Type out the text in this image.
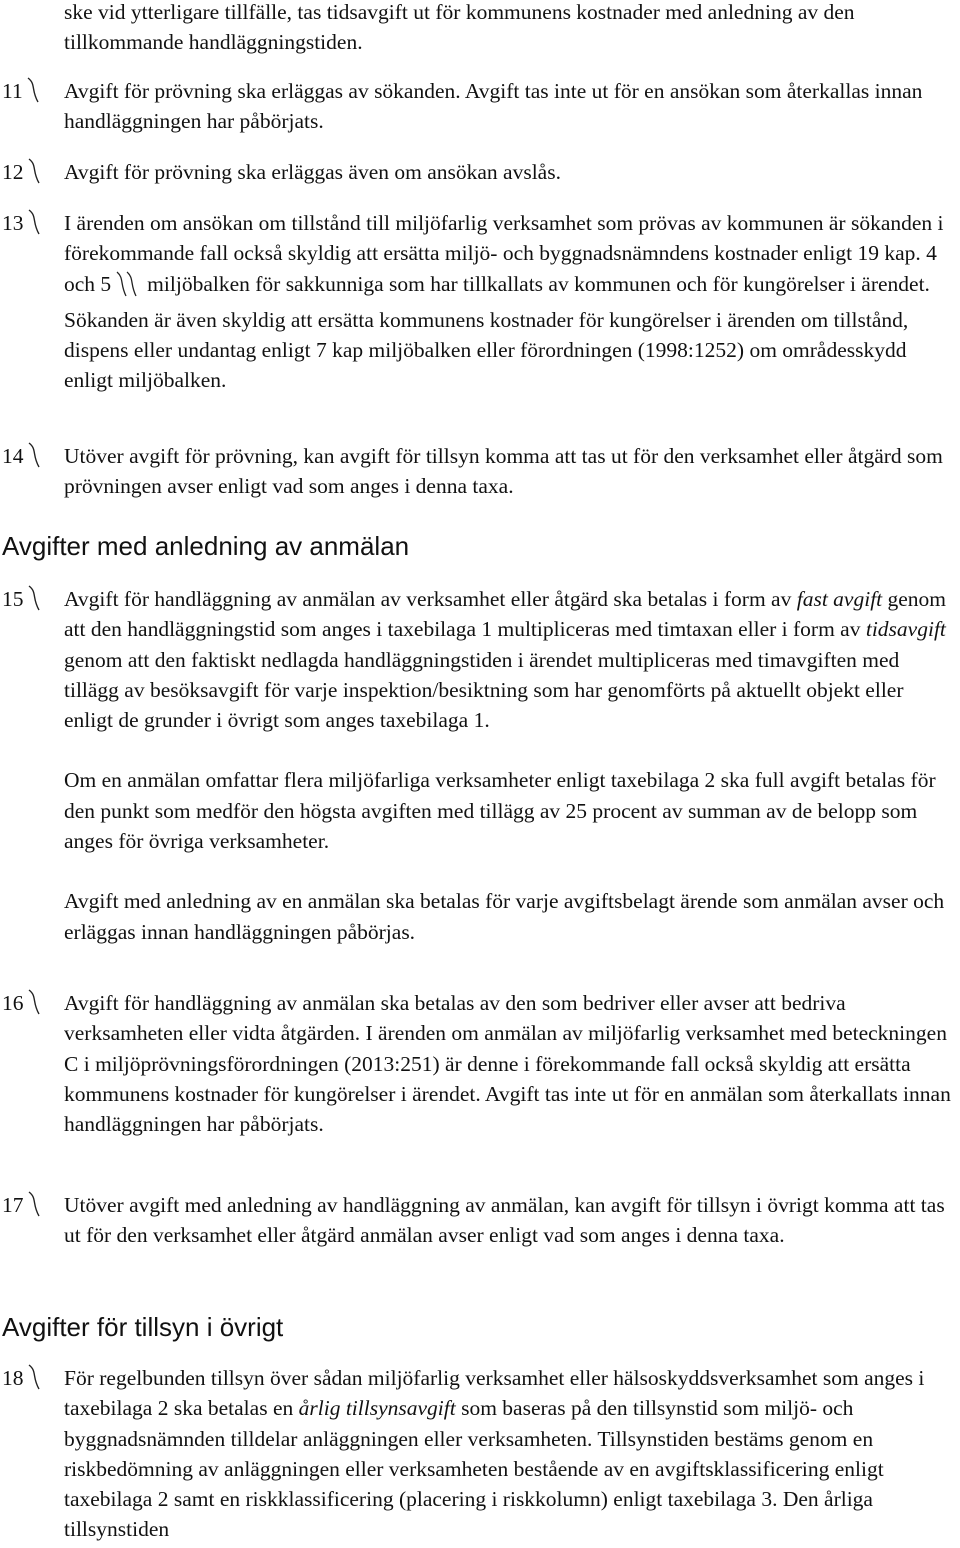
ske vid ytterligare tillfälle, tas tidsavgift ut för kommunens kostnader med anledning av den tillkommande handläggningstiden.

11 Avgift för prövning ska erläggas av sökanden. Avgift tas inte ut för en ansökan som återkallas innan handläggningen har påbörjats.

12 Avgift för prövning ska erläggas även om ansökan avslås.

13 I ärenden om ansökan om tillstånd till miljöfarlig verksamhet som prövas av kommunen är sökanden i förekommande fall också skyldig att ersätta miljö- och byggnadsnämndens kostnader enligt 19 kap. 4 och 5 miljöbalken för sakkunniga som har tillkallats av kommunen och för kungörelser i ärendet. Sökanden är även skyldig att ersätta kommunens kostnader för kungörelser i ärenden om tillstånd, dispens eller undantag enligt 7 kap miljöbalken eller förordningen (1998:1252) om områdesskydd enligt miljöbalken.

14 Utöver avgift för prövning, kan avgift för tillsyn komma att tas ut för den verksamhet eller åtgärd som prövningen avser enligt vad som anges i denna taxa.

Avgifter med anledning av anmälan
15 Avgift för handläggning av anmälan av verksamhet eller åtgärd ska betalas i form av fast avgift genom att den handläggningstid som anges i taxebilaga 1 multipliceras med timtaxan eller i form av tidsavgift genom att den faktiskt nedlagda handläggningstiden i ärendet multipliceras med timavgiften med tillägg av besöksavgift för varje inspektion/besiktning som har genomförts på aktuellt objekt eller enligt de grunder i övrigt som anges taxebilaga 1.

Om en anmälan omfattar flera miljöfarliga verksamheter enligt taxebilaga 2 ska full avgift betalas för den punkt som medför den högsta avgiften med tillägg av 25 procent av summan av de belopp som anges för övriga verksamheter.

Avgift med anledning av en anmälan ska betalas för varje avgiftsbelagt ärende som anmälan avser och erläggas innan handläggningen påbörjas.

16 Avgift för handläggning av anmälan ska betalas av den som bedriver eller avser att bedriva verksamheten eller vidta åtgärden. I ärenden om anmälan av miljöfarlig verksamhet med beteckningen C i miljöprövningsförordningen (2013:251) är denne i förekommande fall också skyldig att ersätta kommunens kostnader för kungörelser i ärendet. Avgift tas inte ut för en anmälan som återkallats innan handläggningen har påbörjats.

17 Utöver avgift med anledning av handläggning av anmälan, kan avgift för tillsyn i övrigt komma att tas ut för den verksamhet eller åtgärd anmälan avser enligt vad som anges i denna taxa.

Avgifter för tillsyn i övrigt
18 För regelbunden tillsyn över sådan miljöfarlig verksamhet eller hälsoskyddsverksamhet som anges i taxebilaga 2 ska betalas en årlig tillsynsavgift som baseras på den tillsynstid som miljö- och byggnadsnämnden tilldelar anläggningen eller verksamheten. Tillsynstiden bestäms genom en riskbedömning av anläggningen eller verksamheten bestående av en avgiftsklassificering enligt taxebilaga 2 samt en riskklassificering (placering i riskkolumn) enligt taxebilaga 3. Den årliga tillsynstiden
